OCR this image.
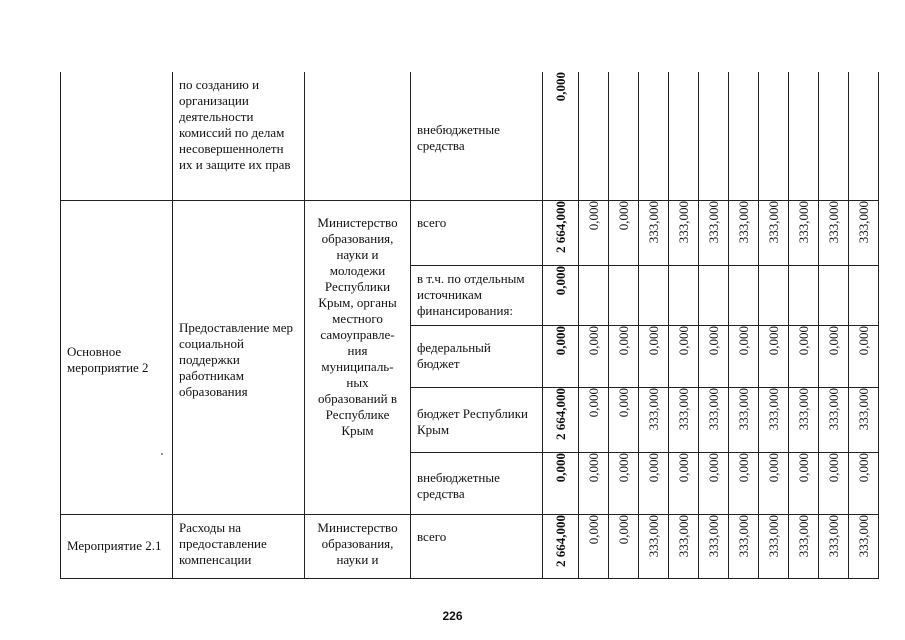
	по созданию и организации деятельности комиссий по делам несовершеннолетн их и защите их прав		внебюджетные средства	0,000										

Основное мероприятие 2	Предоставление мер социальной поддержки работникам образования	Министерство образования, науки и молодежи Республики Крым, органы местного самоуправле-ния муниципаль-ных образований в Республике Крым	всего	2 664,000	0,000	0,000	333,000	333,000	333,000	333,000	333,000	333,000	333,000	333,000

			в т.ч. по отдельным источникам финансирования:	0,000										

			федеральный бюджет	0,000	0,000	0,000	0,000	0,000	0,000	0,000	0,000	0,000	0,000	0,000

			бюджет Республики Крым	2 664,000	0,000	0,000	333,000	333,000	333,000	333,000	333,000	333,000	333,000	333,000

			внебюджетные средства	0,000	0,000	0,000	0,000	0,000	0,000	0,000	0,000	0,000	0,000	0,000

Мероприятие 2.1	Расходы на предоставление компенсации	Министерство образования, науки и	всего	2 664,000	0,000	0,000	333,000	333,000	333,000	333,000	333,000	333,000	333,000	333,000
226
